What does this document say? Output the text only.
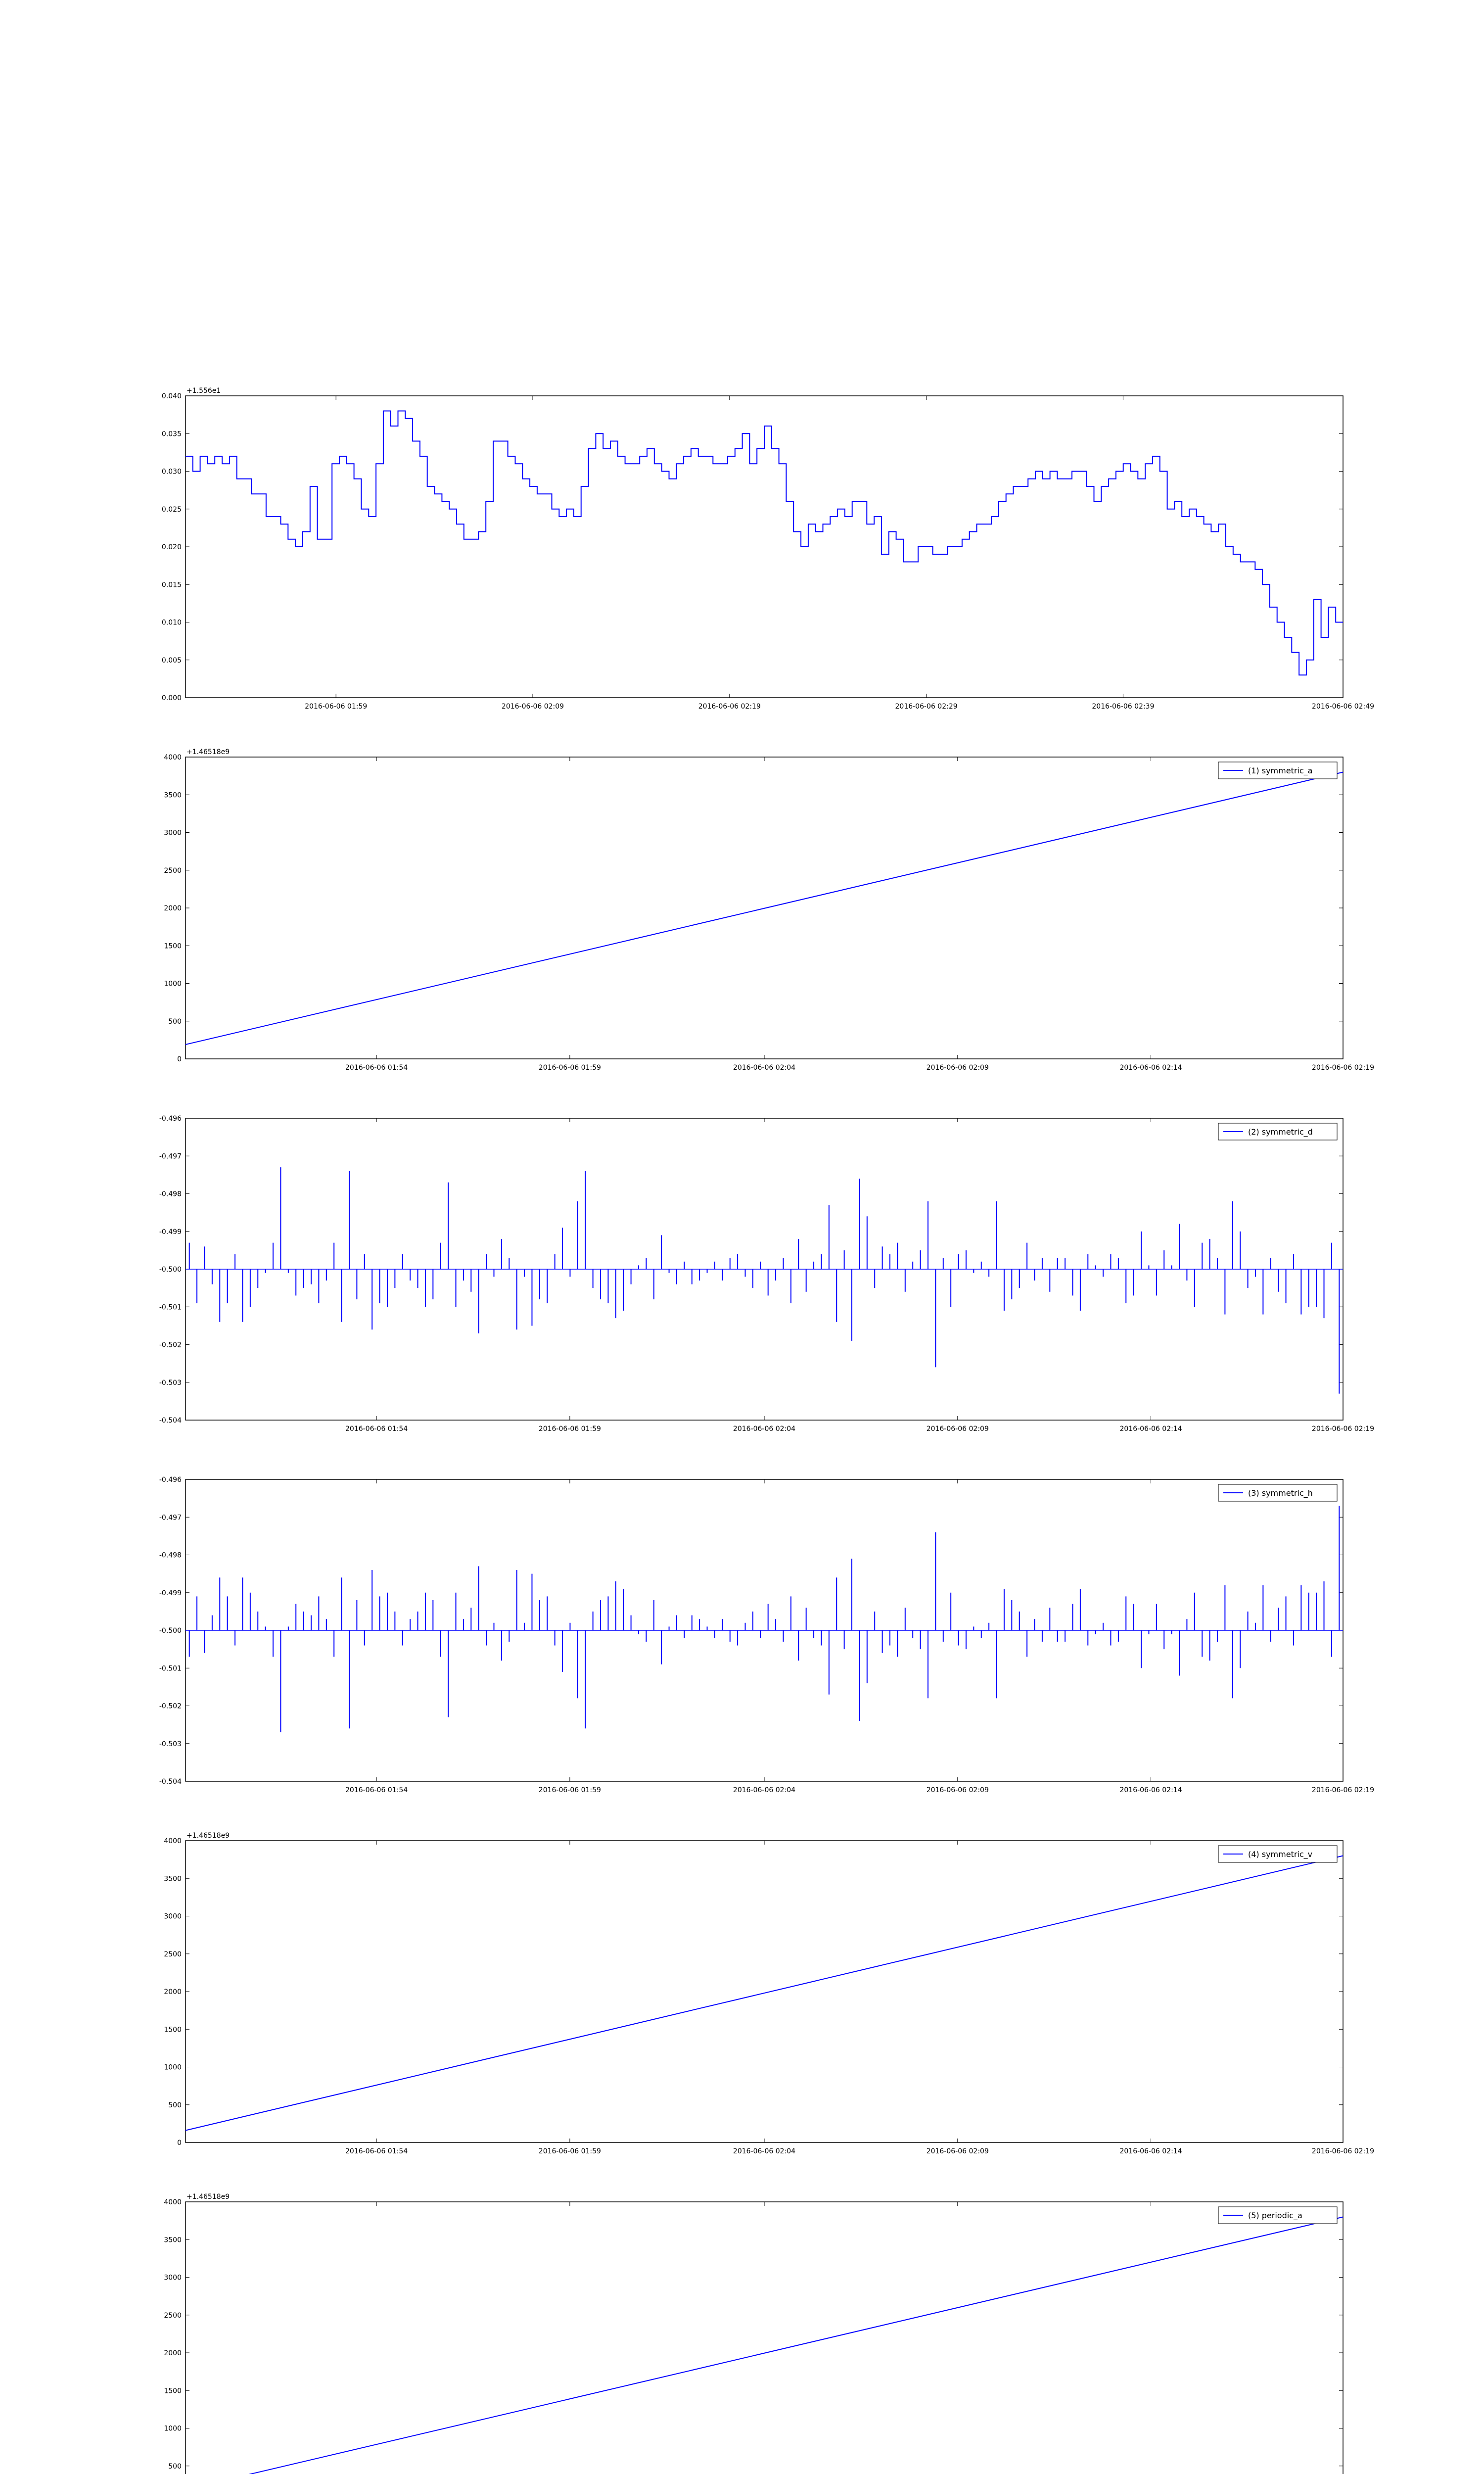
0.000
0.005
0.010
0.015
0.020
0.025
0.030
0.035
0.040
2016-06-06 01:59	2016-06-06 02:09	2016-06-06 02:19	2016-06-06 02:29	2016-06-06 02:39	2016-06-06 02:49
+1.556e1
0
500
1000
1500
2000
2500
3000
3500
4000
2016-06-06 01:54	2016-06-06 01:59	2016-06-06 02:04	2016-06-06 02:09	2016-06-06 02:14	2016-06-06 02:19
+1.46518e9
(1) symmetric_a
-0.504
-0.503
-0.502
-0.501
-0.500
-0.499
-0.498
-0.497
-0.496
2016-06-06 01:54	2016-06-06 01:59	2016-06-06 02:04	2016-06-06 02:09	2016-06-06 02:14	2016-06-06 02:19
(2) symmetric_d
-0.504
-0.503
-0.502
-0.501
-0.500
-0.499
-0.498
-0.497
-0.496
2016-06-06 01:54	2016-06-06 01:59	2016-06-06 02:04	2016-06-06 02:09	2016-06-06 02:14	2016-06-06 02:19
(3) symmetric_h
0
500
1000
1500
2000
2500
3000
3500
4000
2016-06-06 01:54	2016-06-06 01:59	2016-06-06 02:04	2016-06-06 02:09	2016-06-06 02:14	2016-06-06 02:19
+1.46518e9
(4) symmetric_v
500
1000
1500
2000
2500
3000
3500
4000
+1.46518e9
(5) periodic_a
